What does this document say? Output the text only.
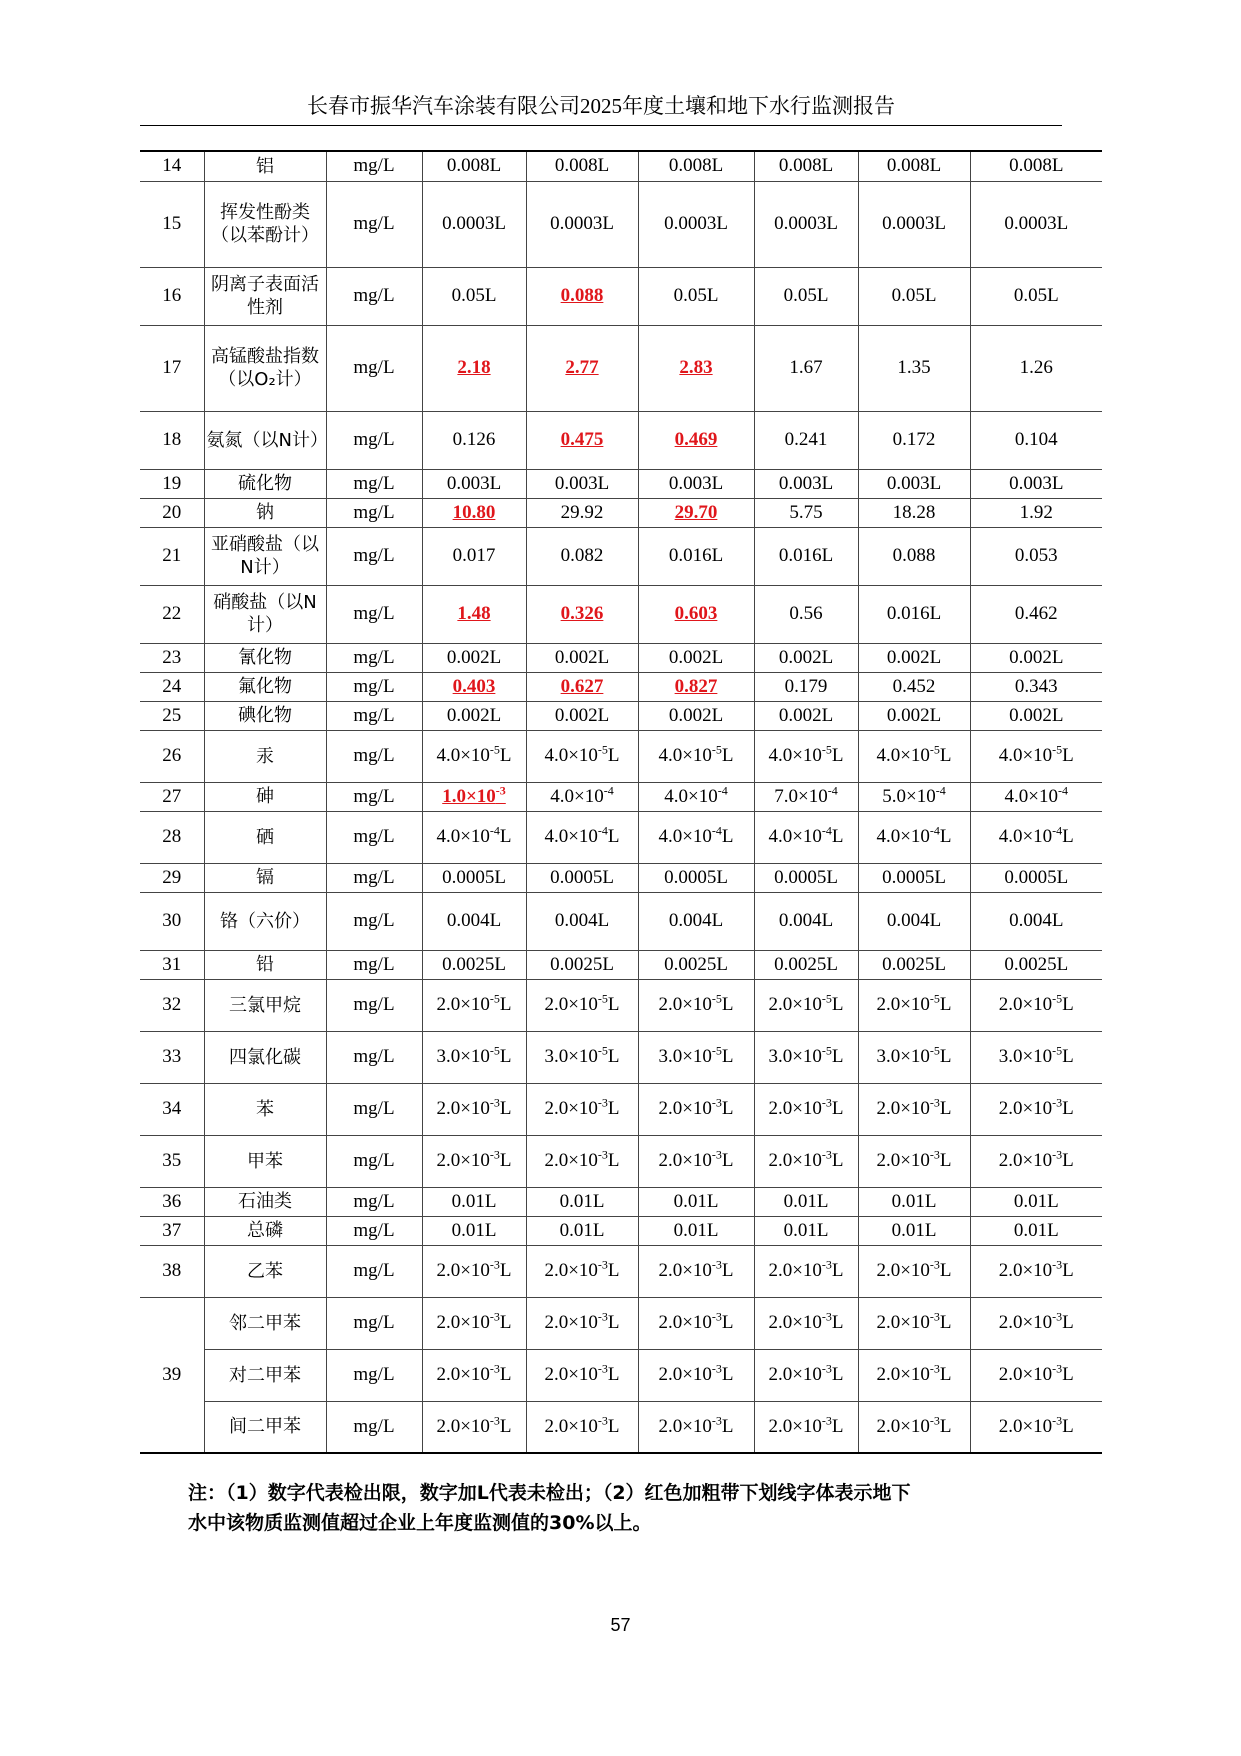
长春市振华汽车涂装有限公司2025年度土壤和地下水行监测报告
14	铝	mg/L	0.008L	0.008L	0.008L	0.008L	0.008L	0.008L
15	挥发性酚类（以苯酚计）	mg/L	0.0003L	0.0003L	0.0003L	0.0003L	0.0003L	0.0003L
16	阴离子表面活性剂	mg/L	0.05L	0.088	0.05L	0.05L	0.05L	0.05L
17	高锰酸盐指数（以O₂计）	mg/L	2.18	2.77	2.83	1.67	1.35	1.26
18	氨氮（以N计）	mg/L	0.126	0.475	0.469	0.241	0.172	0.104
19	硫化物	mg/L	0.003L	0.003L	0.003L	0.003L	0.003L	0.003L
20	钠	mg/L	10.80	29.92	29.70	5.75	18.28	1.92
21	亚硝酸盐（以N计）	mg/L	0.017	0.082	0.016L	0.016L	0.088	0.053
22	硝酸盐（以N计）	mg/L	1.48	0.326	0.603	0.56	0.016L	0.462
23	氰化物	mg/L	0.002L	0.002L	0.002L	0.002L	0.002L	0.002L
24	氟化物	mg/L	0.403	0.627	0.827	0.179	0.452	0.343
25	碘化物	mg/L	0.002L	0.002L	0.002L	0.002L	0.002L	0.002L
26	汞	mg/L	$4.0\times 10^{-5}L$	$4.0\times 10^{-5}L$	$4.0\times 10^{-5}L$	$4.0\times 10^{-5}L$	$4.0\times 10^{-5}L$	$4.0\times 10^{-5}L$
27	砷	mg/L	$1.0\times 10^{-3}$	$4.0\times 10^{-4}$	$4.0\times 10^{-4}$	$7.0\times 10^{-4}$	$5.0\times 10^{-4}$	$4.0\times 10^{-4}$
28	硒	mg/L	$4.0\times 10^{-4}L$	$4.0\times 10^{-4}L$	$4.0\times 10^{-4}L$	$4.0\times 10^{-4}L$	$4.0\times 10^{-4}L$	$4.0\times 10^{-4}L$
29	镉	mg/L	0.0005L	0.0005L	0.0005L	0.0005L	0.0005L	0.0005L
30	铬（六价）	mg/L	0.004L	0.004L	0.004L	0.004L	0.004L	0.004L
31	铅	mg/L	0.0025L	0.0025L	0.0025L	0.0025L	0.0025L	0.0025L
32	三氯甲烷	mg/L	$2.0\times 10^{-5}L$	$2.0\times 10^{-5}L$	$2.0\times 10^{-5}L$	$2.0\times 10^{-5}L$	$2.0\times 10^{-5}L$	$2.0\times 10^{-5}L$
33	四氯化碳	mg/L	$3.0\times 10^{-5}L$	$3.0\times 10^{-5}L$	$3.0\times 10^{-5}L$	$3.0\times 10^{-5}L$	$3.0\times 10^{-5}L$	$3.0\times 10^{-5}L$
34	苯	mg/L	$2.0\times 10^{-3}L$	$2.0\times 10^{-3}L$	$2.0\times 10^{-3}L$	$2.0\times 10^{-3}L$	$2.0\times 10^{-3}L$	$2.0\times 10^{-3}L$
35	甲苯	mg/L	$2.0\times 10^{-3}L$	$2.0\times 10^{-3}L$	$2.0\times 10^{-3}L$	$2.0\times 10^{-3}L$	$2.0\times 10^{-3}L$	$2.0\times 10^{-3}L$
36	石油类	mg/L	0.01L	0.01L	0.01L	0.01L	0.01L	0.01L
37	总磷	mg/L	0.01L	0.01L	0.01L	0.01L	0.01L	0.01L
38	乙苯	mg/L	$2.0\times 10^{-3}L$	$2.0\times 10^{-3}L$	$2.0\times 10^{-3}L$	$2.0\times 10^{-3}L$	$2.0\times 10^{-3}L$	$2.0\times 10^{-3}L$
39	邻二甲苯	mg/L	$2.0\times 10^{-3}L$	$2.0\times 10^{-3}L$	$2.0\times 10^{-3}L$	$2.0\times 10^{-3}L$	$2.0\times 10^{-3}L$	$2.0\times 10^{-3}L$
	对二甲苯	mg/L	$2.0\times 10^{-3}L$	$2.0\times 10^{-3}L$	$2.0\times 10^{-3}L$	$2.0\times 10^{-3}L$	$2.0\times 10^{-3}L$	$2.0\times 10^{-3}L$
	间二甲苯	mg/L	$2.0\times 10^{-3}L$	$2.0\times 10^{-3}L$	$2.0\times 10^{-3}L$	$2.0\times 10^{-3}L$	$2.0\times 10^{-3}L$	$2.0\times 10^{-3}L$
注：（1）数字代表检出限，数字加L代表未检出；（2）红色加粗带下划线字体表示地下
水中该物质监测值超过企业上年度监测值的30%以上。
57
